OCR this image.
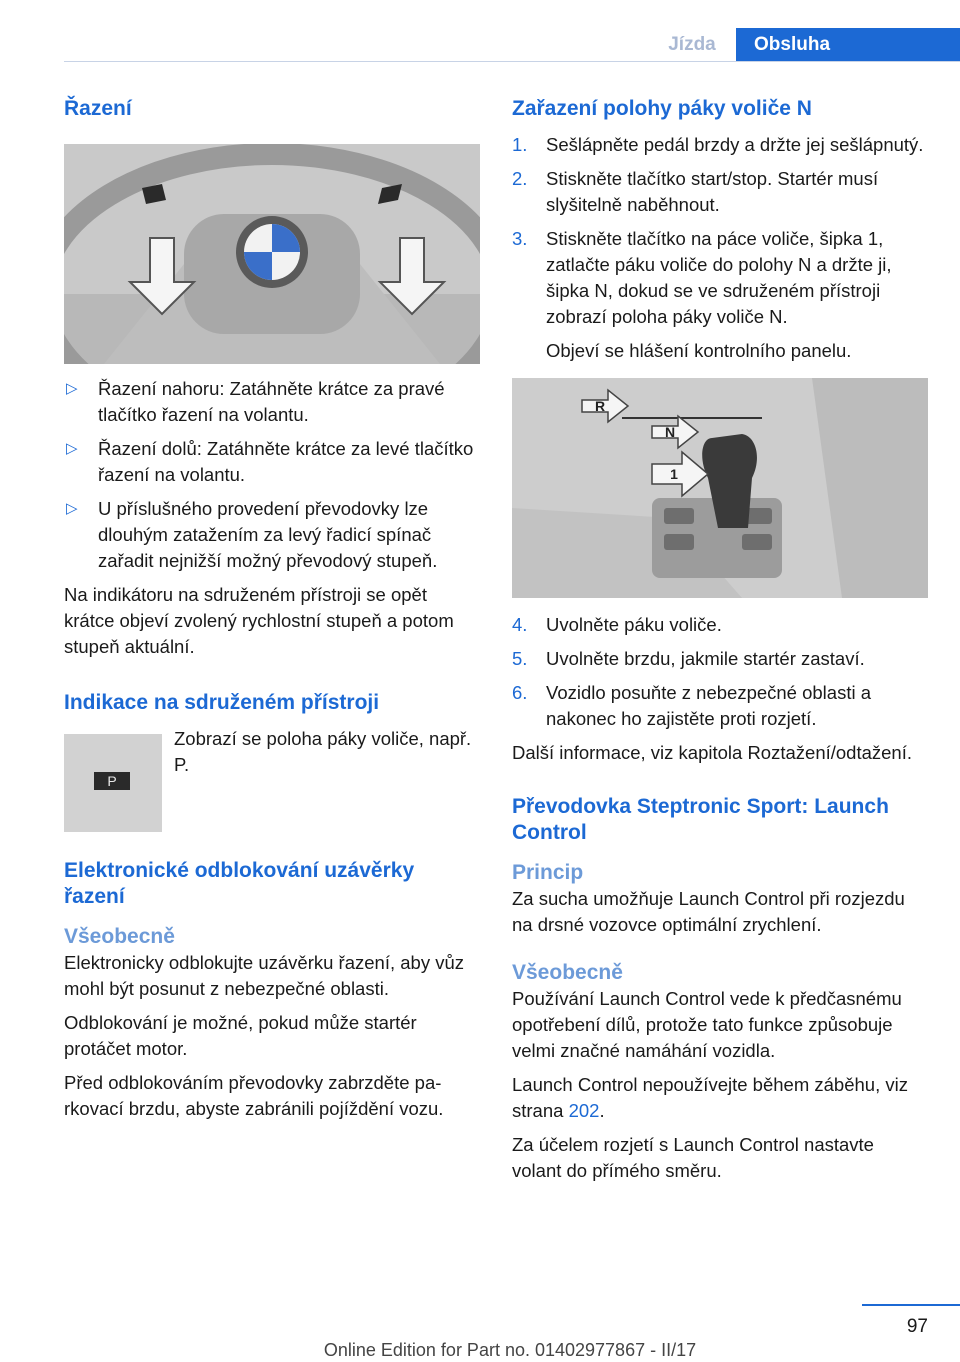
Jízda	Obsluha
Řazení
▷ Řazení nahoru: Zatáhněte krátce za pravé tlačítko řazení na volantu.
▷ Řazení dolů: Zatáhněte krátce za levé tlačítko řazení na volantu.
▷ U příslušného provedení převodovky lze dlouhým zatažením za levý řadicí spínač zařadit nejnižší možný převodový stupeň.

Na indikátoru na sdruženém přístroji se opět krátce objeví zvolený rychlostní stupeň a potom stupeň aktuální.

Indikace na sdruženém přístroji
P

Zobrazí se poloha páky voliče, např. P.

Elektronické odblokování uzávěrky řazení
Všeobecně

Elektronicky odblokujte uzávěrku řazení, aby vůz mohl být posunut z nebezpečné oblasti.

Odblokování je možné, pokud může startér protáčet motor.

Před odblokováním převodovky zabrzděte parkovací brzdu, abyste zabránili pojíždění vozu.

Zařazení polohy páky voliče N
1. Sešlápněte pedál brzdy a držte jej sešlápnutý.
2. Stiskněte tlačítko start/stop. Startér musí slyšitelně naběhnout.
3. Stiskněte tlačítko na páce voliče, šipka 1, zatlačte páku voliče do polohy N a držte ji, šipka N, dokud se ve sdruženém přístroji zobrazí poloha páky voliče N.

Objeví se hlášení kontrolního panelu.

R
N
1
4. Uvolněte páku voliče.
5. Uvolněte brzdu, jakmile startér zastaví.
6. Vozidlo posuňte z nebezpečné oblasti a nakonec ho zajistěte proti rozjetí.

Další informace, viz kapitola Roztažení/odtažení.

Převodovka Steptronic Sport: Launch Control
Princip

Za sucha umožňuje Launch Control při rozjezdu na drsné vozovce optimální zrychlení.

Všeobecně

Používání Launch Control vede k předčasnému opotřebení dílů, protože tato funkce způsobuje velmi značné namáhání vozidla.

Launch Control nepoužívejte během záběhu, viz strana 202.

Za účelem rozjetí s Launch Control nastavte volant do přímého směru.

97
Online Edition for Part no. 01402977867 - II/17
